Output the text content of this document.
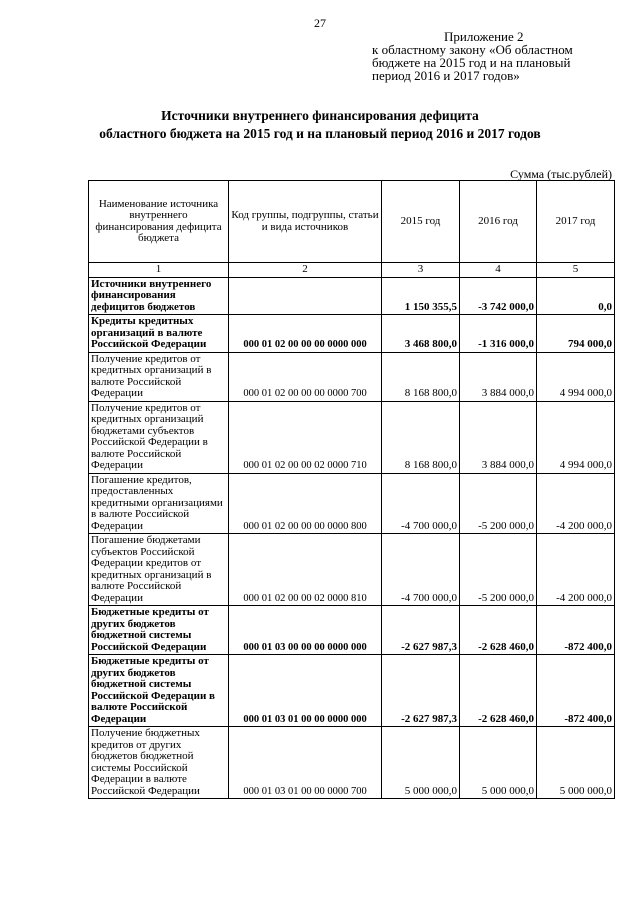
27
Приложение 2
к областному закону «Об областном
бюджете на 2015 год и на плановый
период 2016 и 2017 годов»
Источники внутреннего финансирования дефицита
областного бюджета на 2015 год и на плановый период 2016 и 2017 годов
Сумма (тыс.рублей)
Наименование источника внутреннего финансирования дефицита бюджета	Код группы, подгруппы, статьи и вида источников	2015 год	2016 год	2017 год
1	2	3	4	5
Источники внутреннего финансирования дефицитов бюджетов		1 150 355,5	-3 742 000,0	0,0
Кредиты кредитных организаций в валюте Российской Федерации	000 01 02 00 00 00 0000 000	3 468 800,0	-1 316 000,0	794 000,0
Получение кредитов от кредитных организаций в валюте Российской Федерации	000 01 02 00 00 00 0000 700	8 168 800,0	3 884 000,0	4 994 000,0
Получение кредитов от кредитных организаций бюджетами субъектов Российской Федерации в валюте Российской Федерации	000 01 02 00 00 02 0000 710	8 168 800,0	3 884 000,0	4 994 000,0
Погашение кредитов, предоставленных кредитными организациями в валюте Российской Федерации	000 01 02 00 00 00 0000 800	-4 700 000,0	-5 200 000,0	-4 200 000,0
Погашение бюджетами субъектов Российской Федерации кредитов от кредитных организаций в валюте Российской Федерации	000 01 02 00 00 02 0000 810	-4 700 000,0	-5 200 000,0	-4 200 000,0
Бюджетные кредиты от других бюджетов бюджетной системы Российской Федерации	000 01 03 00 00 00 0000 000	-2 627 987,3	-2 628 460,0	-872 400,0
Бюджетные кредиты от других бюджетов бюджетной системы Российской Федерации в валюте Российской Федерации	000 01 03 01 00 00 0000 000	-2 627 987,3	-2 628 460,0	-872 400,0
Получение бюджетных кредитов от других бюджетов бюджетной системы Российской Федерации в валюте Российской Федерации	000 01 03 01 00 00 0000 700	5 000 000,0	5 000 000,0	5 000 000,0
